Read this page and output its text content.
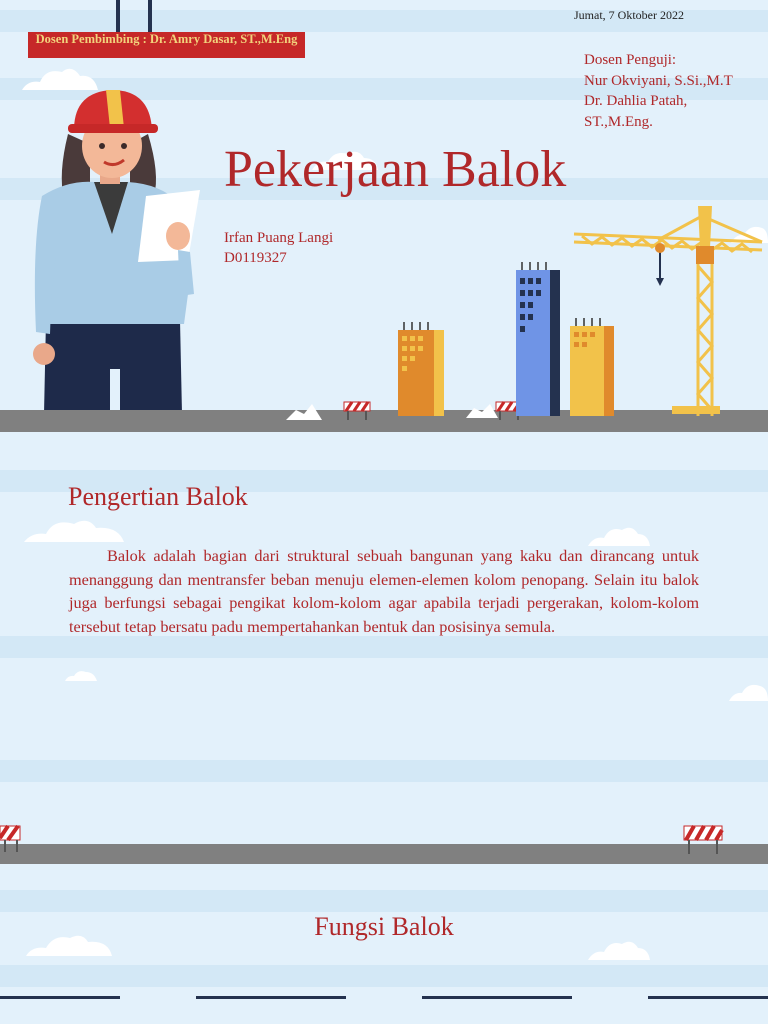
Dosen Pembimbing : Dr. Amry Dasar, ST.,M.Eng
Jumat, 7 Oktober 2022
Dosen Penguji:
Nur Okviyani, S.Si.,M.T
Dr. Dahlia Patah,
ST.,M.Eng.
Pekerjaan Balok
Irfan Puang Langi
D0119327
Pengertian Balok

Balok adalah bagian dari struktural sebuah bangunan yang kaku dan dirancang untuk menanggung dan mentransfer beban menuju elemen-elemen kolom penopang. Selain itu balok juga berfungsi sebagai pengikat kolom-kolom agar apabila terjadi pergerakan, kolom-kolom tersebut tetap bersatu padu mempertahankan bentuk dan posisinya semula.

Fungsi Balok
